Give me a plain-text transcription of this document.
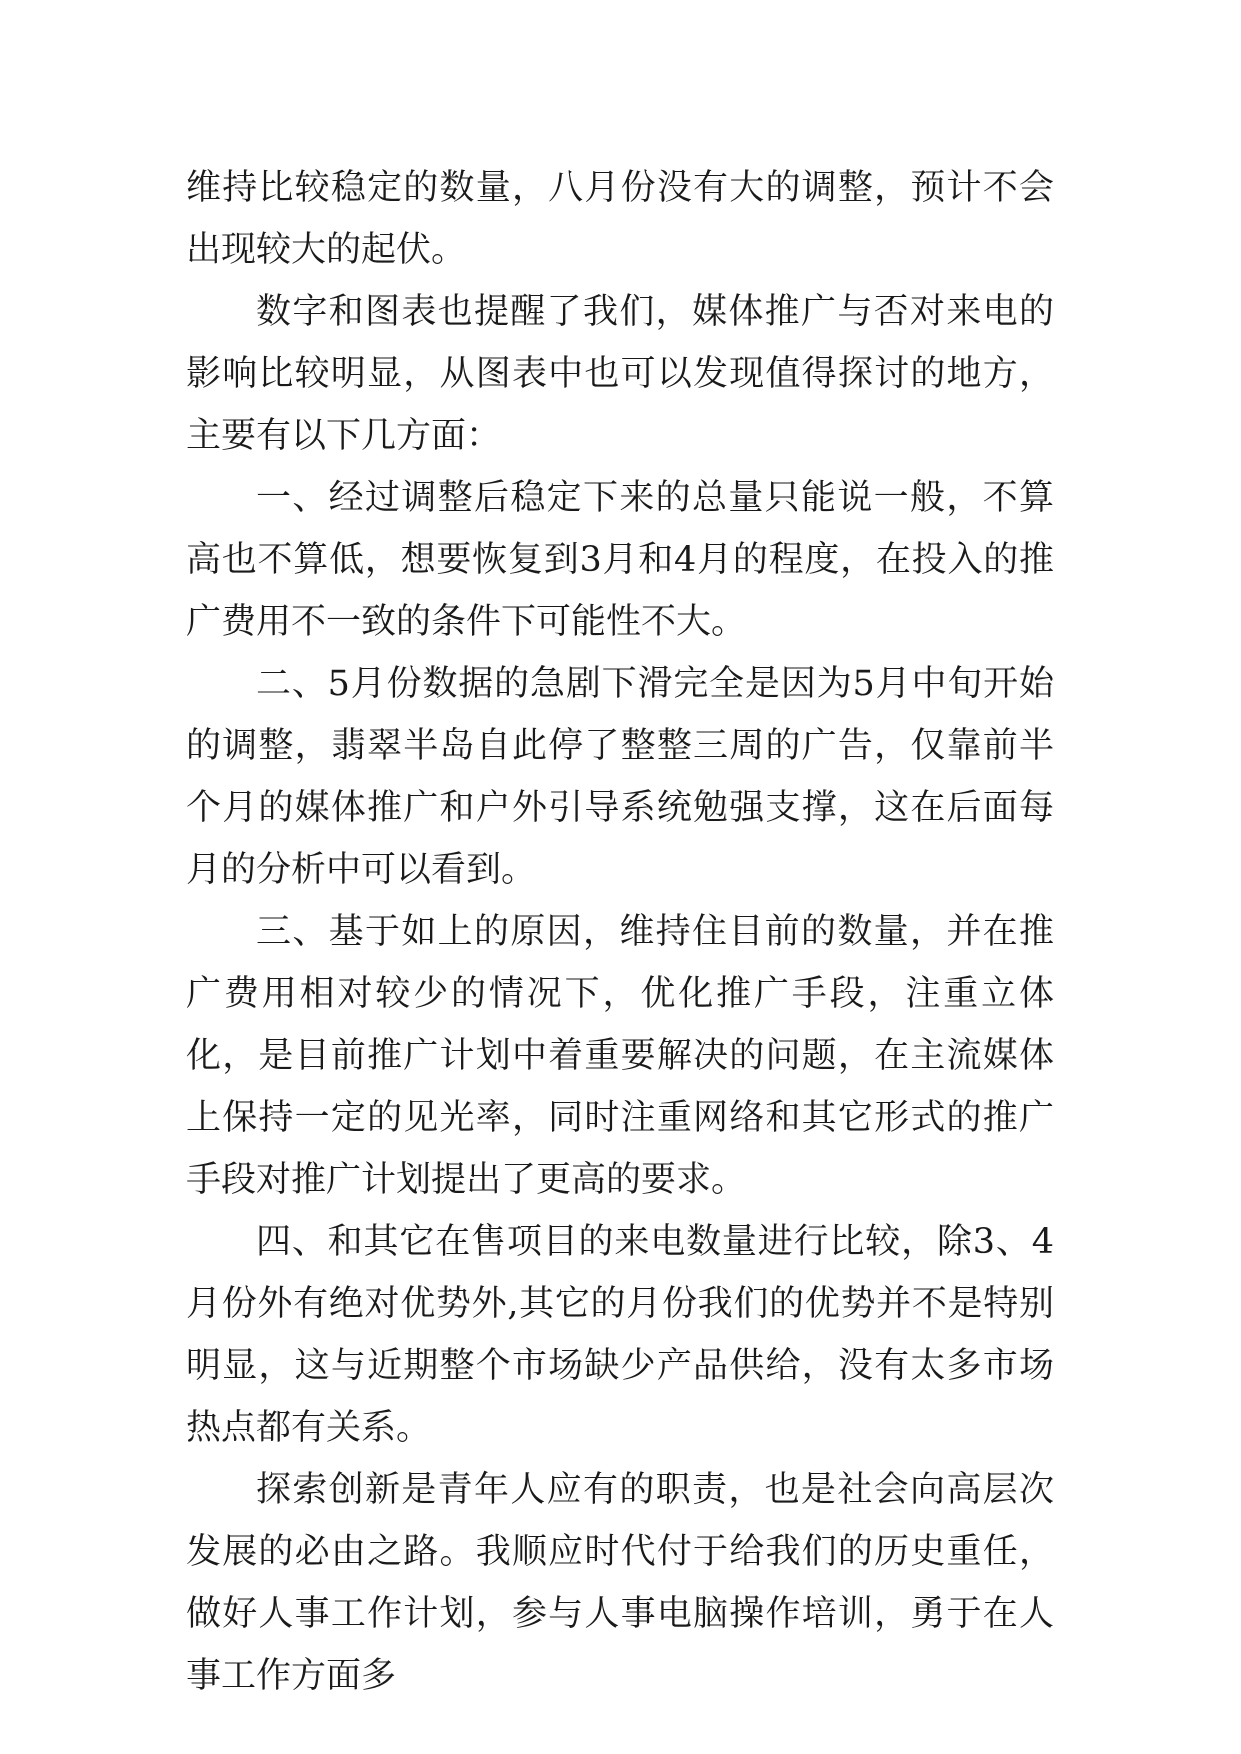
维持比较稳定的数量，八月份没有大的调整，预计不会出现较大的起伏。

数字和图表也提醒了我们，媒体推广与否对来电的影响比较明显，从图表中也可以发现值得探讨的地方，主要有以下几方面：

一、经过调整后稳定下来的总量只能说一般，不算高也不算低，想要恢复到3月和4月的程度，在投入的推广费用不一致的条件下可能性不大。

二、5月份数据的急剧下滑完全是因为5月中旬开始的调整，翡翠半岛自此停了整整三周的广告，仅靠前半个月的媒体推广和户外引导系统勉强支撑，这在后面每月的分析中可以看到。

三、基于如上的原因，维持住目前的数量，并在推广费用相对较少的情况下，优化推广手段，注重立体化，是目前推广计划中着重要解决的问题，在主流媒体上保持一定的见光率，同时注重网络和其它形式的推广手段对推广计划提出了更高的要求。

四、和其它在售项目的来电数量进行比较，除3、4月份外有绝对优势外,其它的月份我们的优势并不是特别明显，这与近期整个市场缺少产品供给，没有太多市场热点都有关系。

探索创新是青年人应有的职责，也是社会向高层次发展的必由之路。我顺应时代付于给我们的历史重任，做好人事工作计划，参与人事电脑操作培训，勇于在人事工作方面多
